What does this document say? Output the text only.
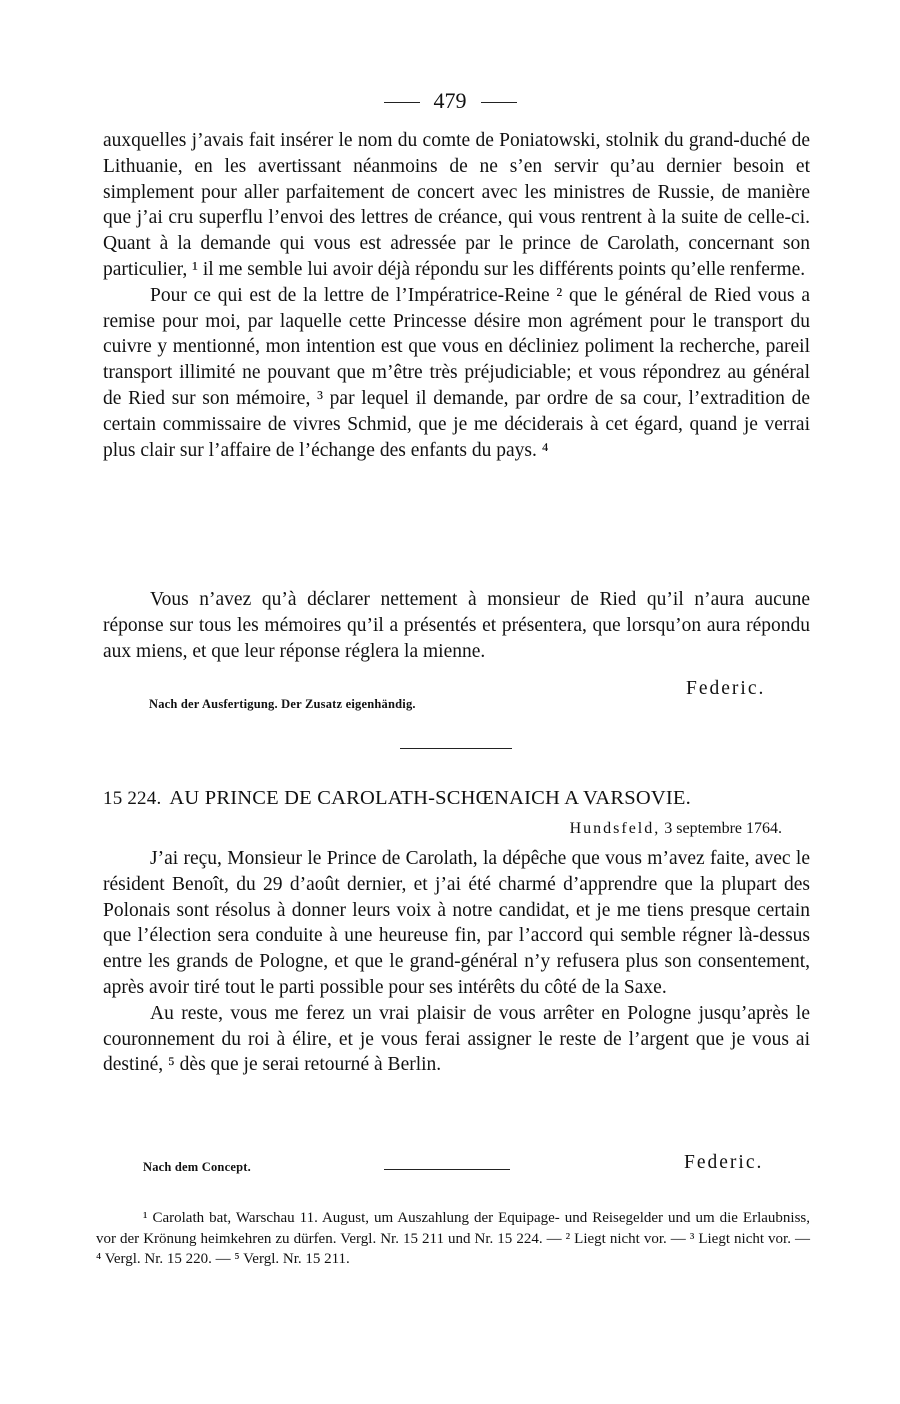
479

auxquelles j’avais fait insérer le nom du comte de Poniatowski, stolnik du grand-duché de Lithuanie, en les avertissant néanmoins de ne s’en servir qu’au dernier besoin et simplement pour aller parfaitement de concert avec les ministres de Russie, de manière que j’ai cru superflu l’envoi des lettres de créance, qui vous rentrent à la suite de celle-ci. Quant à la demande qui vous est adressée par le prince de Carolath, concernant son particulier, ¹ il me semble lui avoir déjà répondu sur les différents points qu’elle renferme.

Pour ce qui est de la lettre de l’Impératrice-Reine ² que le général de Ried vous a remise pour moi, par laquelle cette Princesse désire mon agrément pour le transport du cuivre y mentionné, mon intention est que vous en décliniez poliment la recherche, pareil transport illimité ne pouvant que m’être très préjudiciable; et vous répondrez au général de Ried sur son mémoire, ³ par lequel il demande, par ordre de sa cour, l’extradition de certain commissaire de vivres Schmid, que je me déciderais à cet égard, quand je verrai plus clair sur l’affaire de l’échange des enfants du pays. ⁴

Vous n’avez qu’à déclarer nettement à monsieur de Ried qu’il n’aura aucune réponse sur tous les mémoires qu’il a présentés et présentera, que lorsqu’on aura répondu aux miens, et que leur réponse réglera la mienne.

Federic.
Nach der Ausfertigung. Der Zusatz eigenhändig.
15 224. AU PRINCE DE CAROLATH-SCHŒNAICH A VARSOVIE.
Hundsfeld, 3 septembre 1764.

J’ai reçu, Monsieur le Prince de Carolath, la dépêche que vous m’avez faite, avec le résident Benoît, du 29 d’août dernier, et j’ai été charmé d’apprendre que la plupart des Polonais sont résolus à donner leurs voix à notre candidat, et je me tiens presque certain que l’élection sera conduite à une heureuse fin, par l’accord qui semble régner là-dessus entre les grands de Pologne, et que le grand-général n’y refusera plus son consentement, après avoir tiré tout le parti possible pour ses intérêts du côté de la Saxe.

Au reste, vous me ferez un vrai plaisir de vous arrêter en Pologne jusqu’après le couronnement du roi à élire, et je vous ferai assigner le reste de l’argent que je vous ai destiné, ⁵ dès que je serai retourné à Berlin.

Nach dem Concept.	Federic.

¹ Carolath bat, Warschau 11. August, um Auszahlung der Equipage- und Reisegelder und um die Erlaubniss, vor der Krönung heimkehren zu dürfen. Vergl. Nr. 15 211 und Nr. 15 224. — ² Liegt nicht vor. — ³ Liegt nicht vor. — ⁴ Vergl. Nr. 15 220. — ⁵ Vergl. Nr. 15 211.
